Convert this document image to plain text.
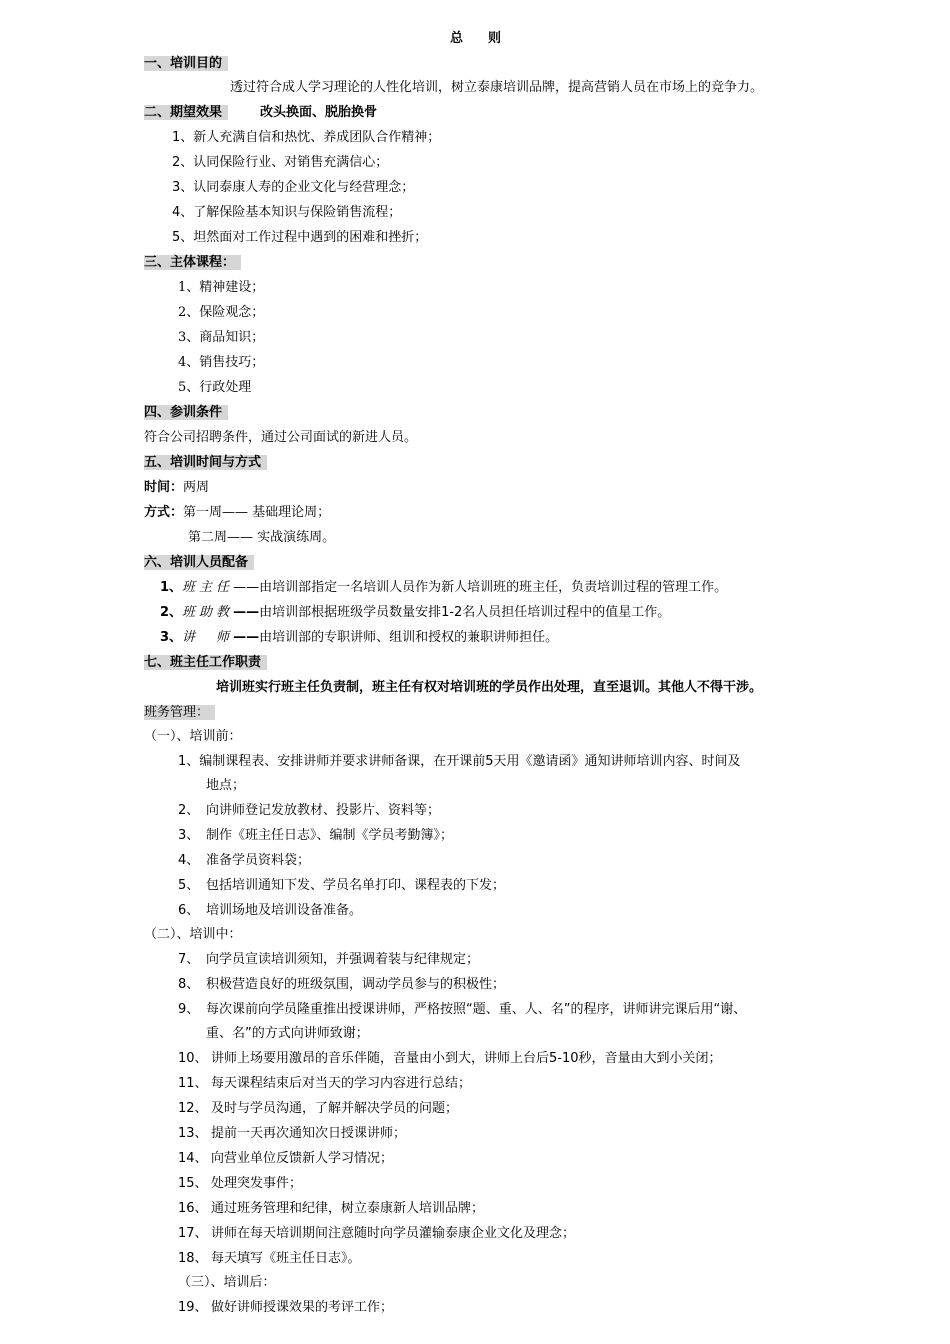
总　则
一、培训目的
透过符合成人学习理论的人性化培训，树立泰康培训品牌，提高营销人员在市场上的竞争力。
二、期望效果	改头换面、脱胎换骨
1、新人充满自信和热忱、养成团队合作精神；
2、认同保险行业、对销售充满信心；
3、认同泰康人寿的企业文化与经营理念；
4、了解保险基本知识与保险销售流程；
5、坦然面对工作过程中遇到的困难和挫折；
三、主体课程：
1、精神建设；
2、保险观念；
3、商品知识；
4、销售技巧；
5、行政处理
四、参训条件
符合公司招聘条件，通过公司面试的新进人员。
五、培训时间与方式
时间：两周
方式：第一周—— 基础理论周；
第二周—— 实战演练周。
六、培训人员配备
1、班主任——由培训部指定一名培训人员作为新人培训班的班主任，负责培训过程的管理工作。
2、班助教——由培训部根据班级学员数量安排1-2名人员担任培训过程中的值星工作。
3、讲　师——由培训部的专职讲师、组训和授权的兼职讲师担任。
七、班主任工作职责
培训班实行班主任负责制，班主任有权对培训班的学员作出处理，直至退训。其他人不得干涉。
班务管理：
（一）、培训前：
1、编制课程表、安排讲师并要求讲师备课，在开课前5天用《邀请函》通知讲师培训内容、时间及
地点；
2、 向讲师登记发放教材、投影片、资料等；
3、 制作《班主任日志》、编制《学员考勤簿》；
4、 准备学员资料袋；
5、 包括培训通知下发、学员名单打印、课程表的下发；
6、 培训场地及培训设备准备。
（二）、培训中：
7、 向学员宣读培训须知，并强调着装与纪律规定；
8、 积极营造良好的班级氛围，调动学员参与的积极性；
9、 每次课前向学员隆重推出授课讲师，严格按照“题、重、人、名”的程序，讲师讲完课后用“谢、
重、名”的方式向讲师致谢；
10、 讲师上场要用激昂的音乐伴随，音量由小到大，讲师上台后5-10秒，音量由大到小关闭；
11、 每天课程结束后对当天的学习内容进行总结；
12、 及时与学员沟通，了解并解决学员的问题；
13、 提前一天再次通知次日授课讲师；
14、 向营业单位反馈新人学习情况；
15、 处理突发事件；
16、 通过班务管理和纪律，树立泰康新人培训品牌；
17、 讲师在每天培训期间注意随时向学员灌输泰康企业文化及理念；
18、 每天填写《班主任日志》。
（三）、培训后：
19、 做好讲师授课效果的考评工作；
